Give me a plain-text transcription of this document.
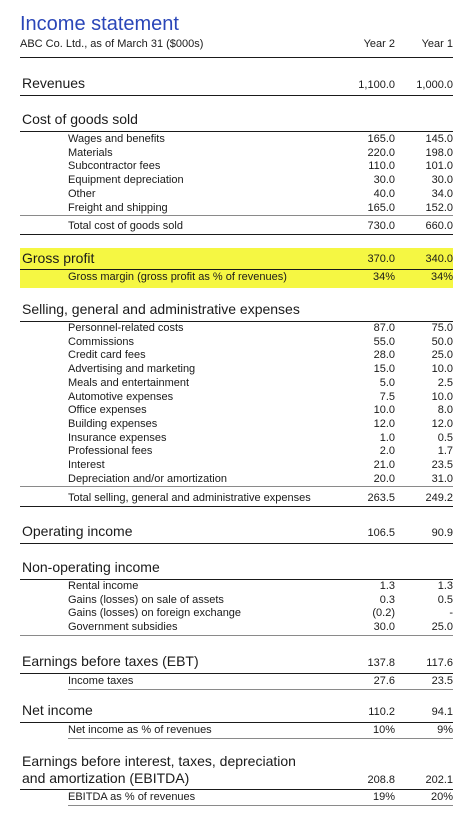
Income statement
ABC Co. Ltd., as of March 31 ($000s)	Year 2	Year 1
Revenues	1,100.0	1,000.0
Cost of goods sold
Wages and benefits	165.0	145.0
Materials	220.0	198.0
Subcontractor fees	110.0	101.0
Equipment depreciation	30.0	30.0
Other	40.0	34.0
Freight and shipping	165.0	152.0
Total cost of goods sold	730.0	660.0
Gross profit	370.0	340.0
Gross margin (gross profit as % of revenues)	34%	34%
Selling, general and administrative expenses
Personnel-related costs	87.0	75.0
Commissions	55.0	50.0
Credit card fees	28.0	25.0
Advertising and marketing	15.0	10.0
Meals and entertainment	5.0	2.5
Automotive expenses	7.5	10.0
Office expenses	10.0	8.0
Building expenses	12.0	12.0
Insurance expenses	1.0	0.5
Professional fees	2.0	1.7
Interest	21.0	23.5
Depreciation and/or amortization	20.0	31.0
Total selling, general and administrative expenses	263.5	249.2
Operating income	106.5	90.9
Non-operating income
Rental income	1.3	1.3
Gains (losses) on sale of assets	0.3	0.5
Gains (losses) on foreign exchange	(0.2)	-
Government subsidies	30.0	25.0
Earnings before taxes (EBT)	137.8	117.6
Income taxes	27.6	23.5
Net income	110.2	94.1
Net income as % of revenues	10%	9%
Earnings before interest, taxes, depreciation and amortization (EBITDA)	208.8	202.1
EBITDA as % of revenues	19%	20%
